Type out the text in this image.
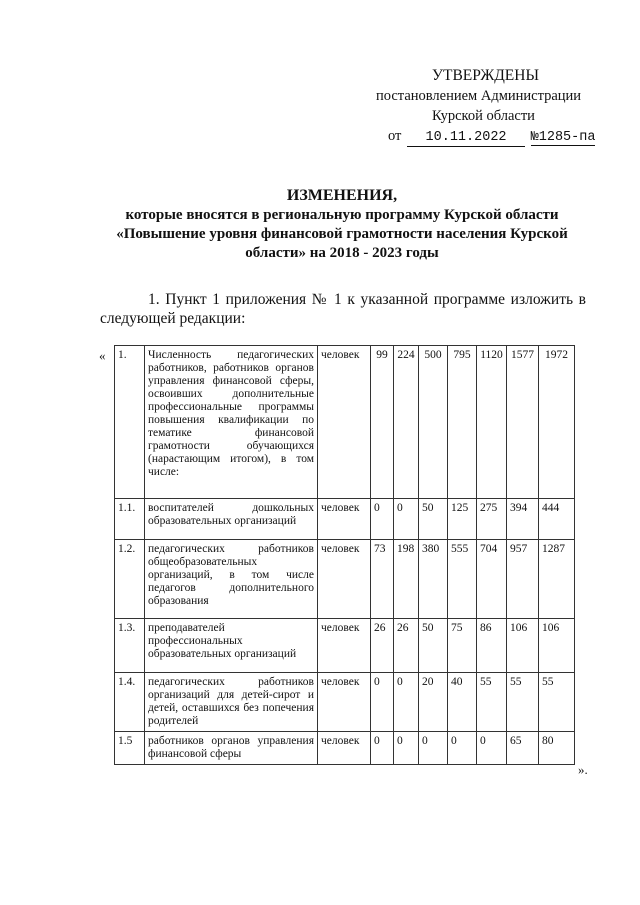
УТВЕРЖДЕНЫ
постановлением Администрации
Курской области
от 10.11.2022 №1285-па
ИЗМЕНЕНИЯ,
которые вносятся в региональную программу Курской области
«Повышение уровня финансовой грамотности населения Курской
области» на 2018 - 2023 годы
1. Пункт 1 приложения № 1 к указанной программе изложить в следующей редакции:
« 1.	Численность педагогических работников, работников органов управления финансовой сферы, освоивших дополнительные профессиональные программы повышения квалификации по тематике финансовой грамотности обучающихся (нарастающим итогом), в том числе:	человек	99	224	500	795	1120	1577	1972
1.1.	воспитателей дошкольных образовательных организаций	человек	0	0	50	125	275	394	444
1.2.	педагогических работников общеобразовательных организаций, в том числе педагогов дополнительного образования	человек	73	198	380	555	704	957	1287
1.3.	преподавателей профессиональных образовательных организаций	человек	26	26	50	75	86	106	106
1.4.	педагогических работников организаций для детей-сирот и детей, оставшихся без попечения родителей	человек	0	0	20	40	55	55	55
1.5	работников органов управления финансовой сферы	человек	0	0	0	0	0	65	80
».
